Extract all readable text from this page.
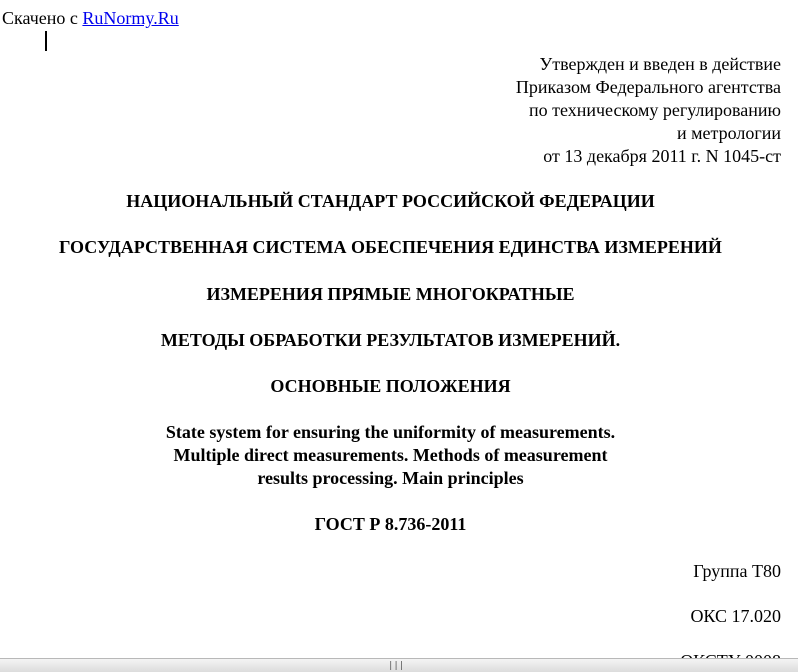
Скачено с RuNormy.Ru
Утвержден и введен в действие
Приказом Федерального агентства
по техническому регулированию
и метрологии
от 13 декабря 2011 г. N 1045-ст
НАЦИОНАЛЬНЫЙ СТАНДАРТ РОССИЙСКОЙ ФЕДЕРАЦИИ
ГОСУДАРСТВЕННАЯ СИСТЕМА ОБЕСПЕЧЕНИЯ ЕДИНСТВА ИЗМЕРЕНИЙ
ИЗМЕРЕНИЯ ПРЯМЫЕ МНОГОКРАТНЫЕ
МЕТОДЫ ОБРАБОТКИ РЕЗУЛЬТАТОВ ИЗМЕРЕНИЙ.
ОСНОВНЫЕ ПОЛОЖЕНИЯ
State system for ensuring the uniformity of measurements.
Multiple direct measurements. Methods of measurement
results processing. Main principles
ГОСТ Р 8.736-2011
Группа Т80
ОКС 17.020
|||
